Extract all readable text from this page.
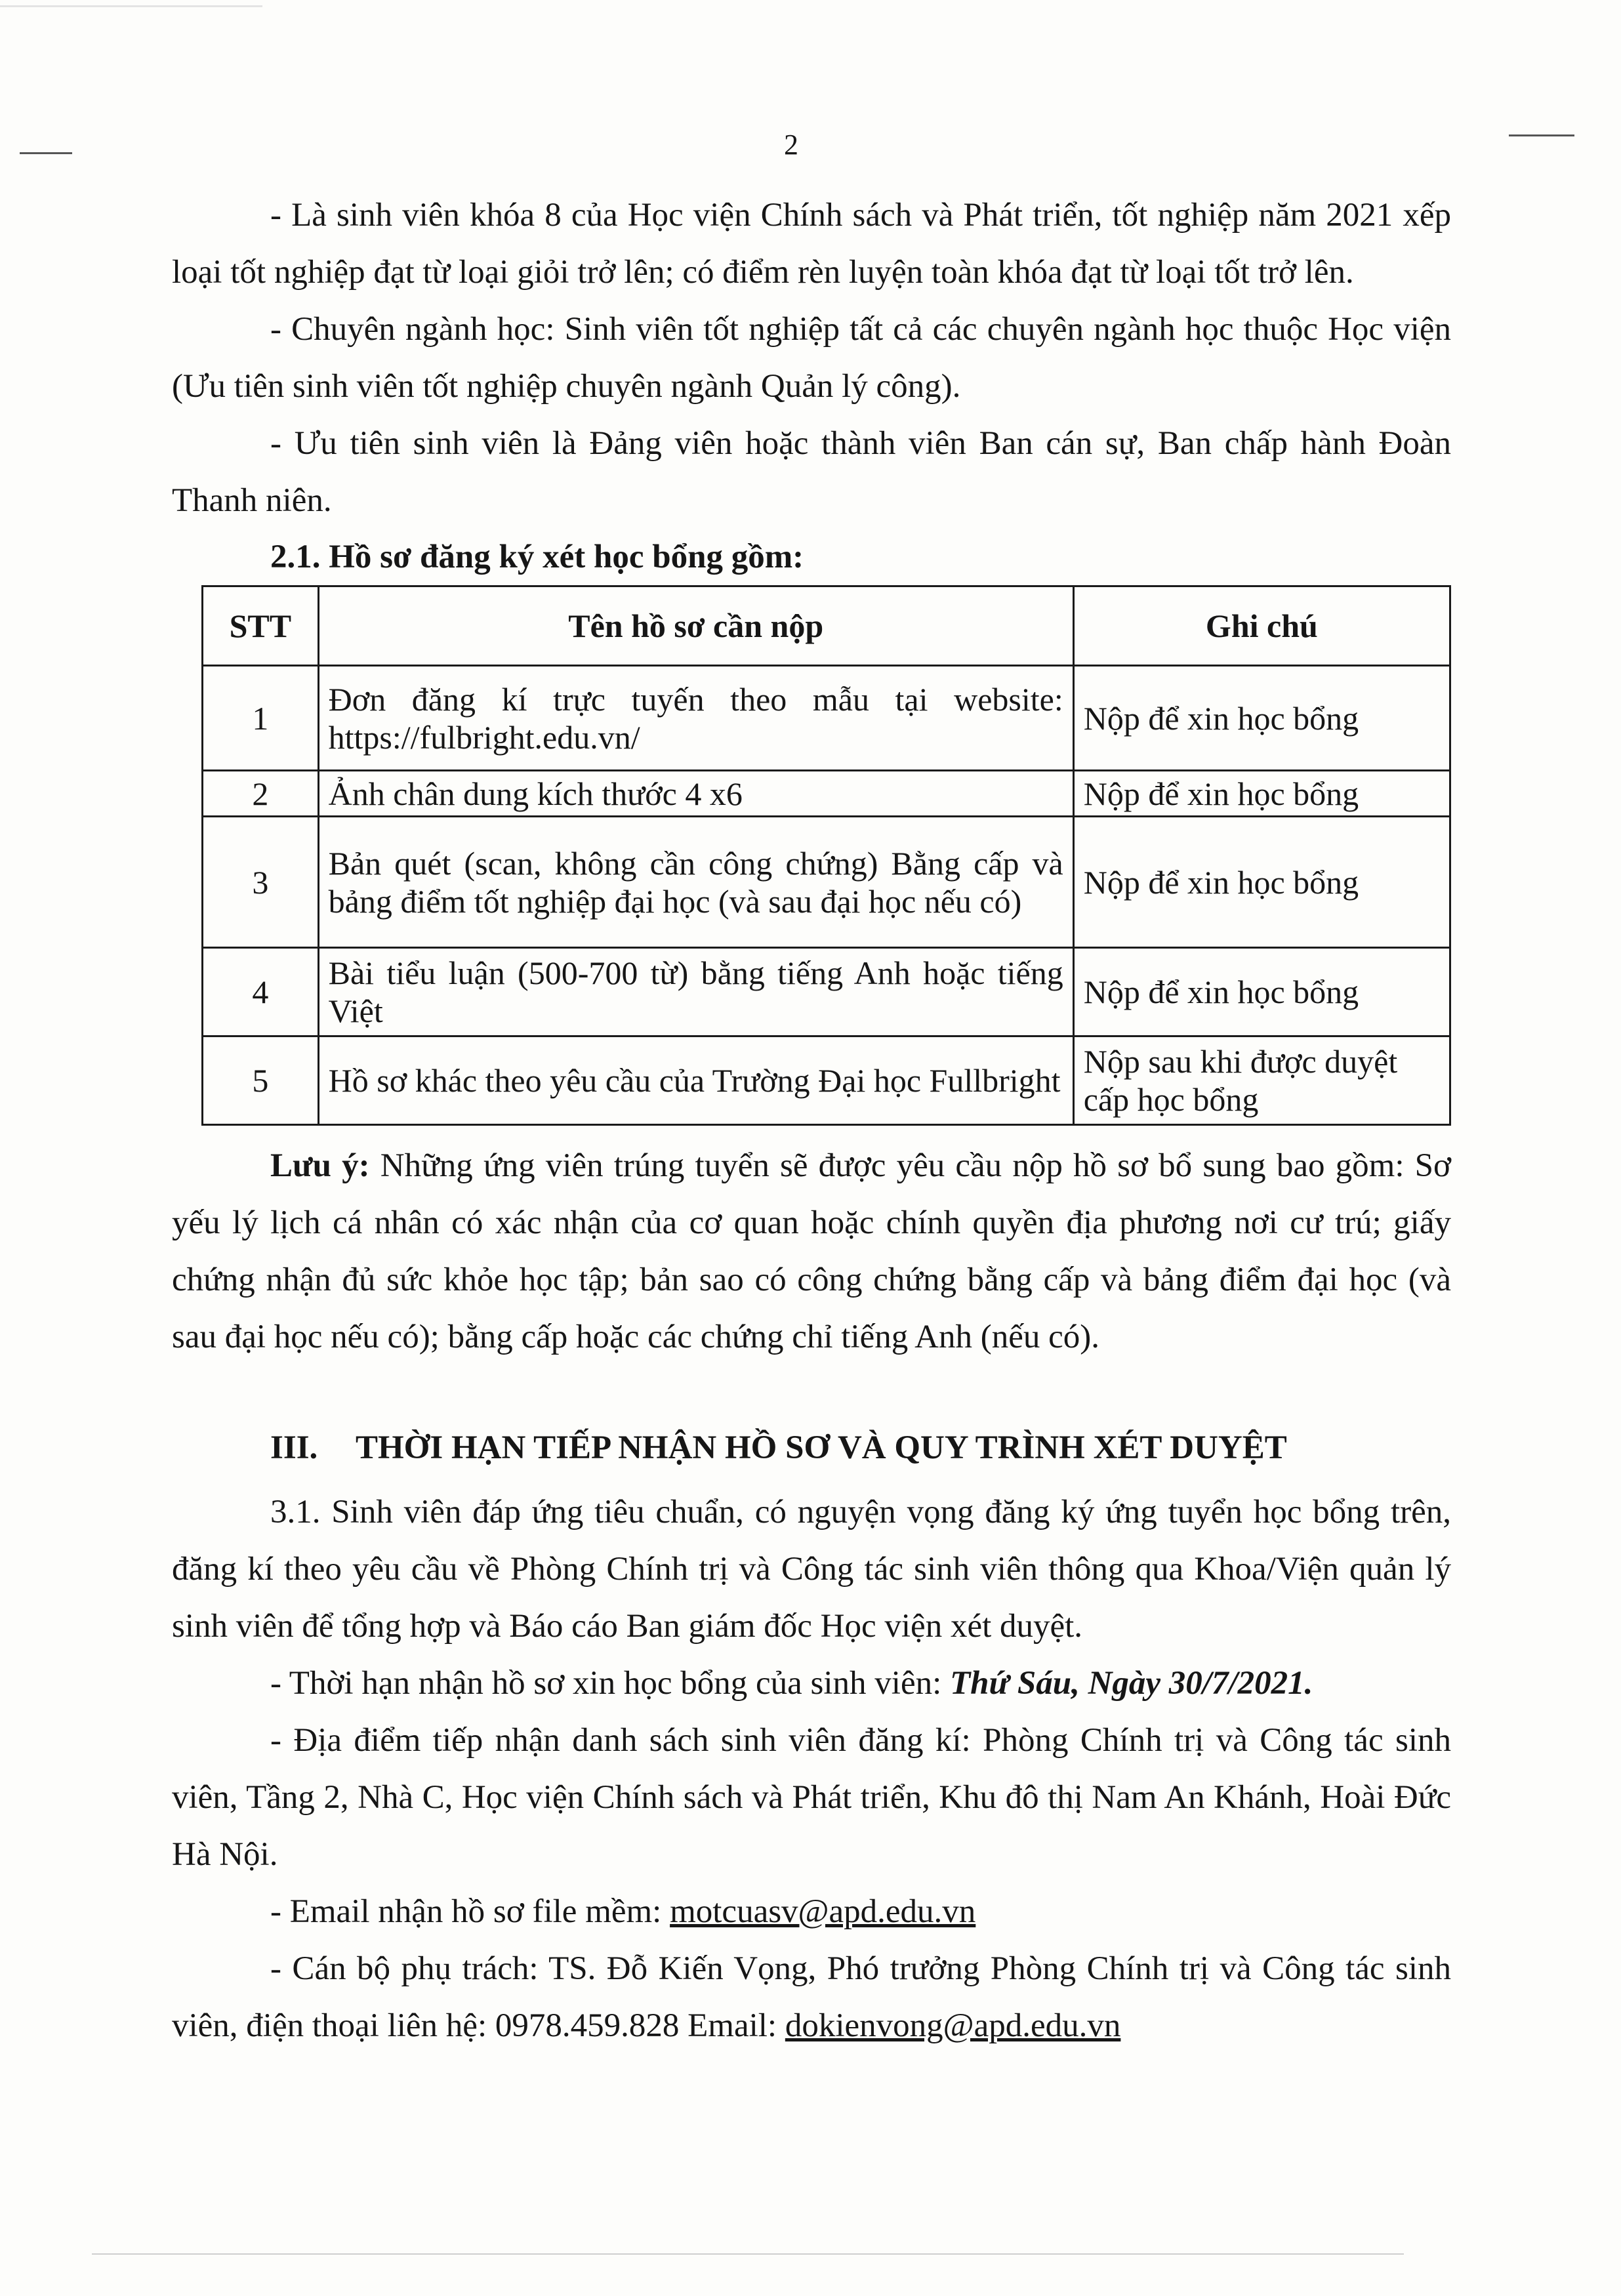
2

- Là sinh viên khóa 8 của Học viện Chính sách và Phát triển, tốt nghiệp năm 2021 xếp loại tốt nghiệp đạt từ loại giỏi trở lên; có điểm rèn luyện toàn khóa đạt từ loại tốt trở lên.

- Chuyên ngành học: Sinh viên tốt nghiệp tất cả các chuyên ngành học thuộc Học viện (Ưu tiên sinh viên tốt nghiệp chuyên ngành Quản lý công).

- Ưu tiên sinh viên là Đảng viên hoặc thành viên Ban cán sự, Ban chấp hành Đoàn Thanh niên.

2.1. Hồ sơ đăng ký xét học bổng gồm:
STT	Tên hồ sơ cần nộp	Ghi chú
1	Đơn đăng kí trực tuyến theo mẫu tại website: https://fulbright.edu.vn/	Nộp để xin học bổng
2	Ảnh chân dung kích thước 4 x6	Nộp để xin học bổng
3	Bản quét (scan, không cần công chứng) Bằng cấp và bảng điểm tốt nghiệp đại học (và sau đại học nếu có)	Nộp để xin học bổng
4	Bài tiểu luận (500-700 từ) bằng tiếng Anh hoặc tiếng Việt	Nộp để xin học bổng
5	Hồ sơ khác theo yêu cầu của Trường Đại học Fullbright	Nộp sau khi được duyệt cấp học bổng

Lưu ý: Những ứng viên trúng tuyển sẽ được yêu cầu nộp hồ sơ bổ sung bao gồm: Sơ yếu lý lịch cá nhân có xác nhận của cơ quan hoặc chính quyền địa phương nơi cư trú; giấy chứng nhận đủ sức khỏe học tập; bản sao có công chứng bằng cấp và bảng điểm đại học (và sau đại học nếu có); bằng cấp hoặc các chứng chỉ tiếng Anh (nếu có).

III. THỜI HẠN TIẾP NHẬN HỒ SƠ VÀ QUY TRÌNH XÉT DUYỆT

3.1. Sinh viên đáp ứng tiêu chuẩn, có nguyện vọng đăng ký ứng tuyển học bổng trên, đăng kí theo yêu cầu về Phòng Chính trị và Công tác sinh viên thông qua Khoa/Viện quản lý sinh viên để tổng hợp và Báo cáo Ban giám đốc Học viện xét duyệt.

- Thời hạn nhận hồ sơ xin học bổng của sinh viên: Thứ Sáu, Ngày 30/7/2021.

- Địa điểm tiếp nhận danh sách sinh viên đăng kí: Phòng Chính trị và Công tác sinh viên, Tầng 2, Nhà C, Học viện Chính sách và Phát triển, Khu đô thị Nam An Khánh, Hoài Đức Hà Nội.

- Email nhận hồ sơ file mềm: motcuasv@apd.edu.vn

- Cán bộ phụ trách: TS. Đỗ Kiến Vọng, Phó trưởng Phòng Chính trị và Công tác sinh viên, điện thoại liên hệ: 0978.459.828 Email: dokienvong@apd.edu.vn
